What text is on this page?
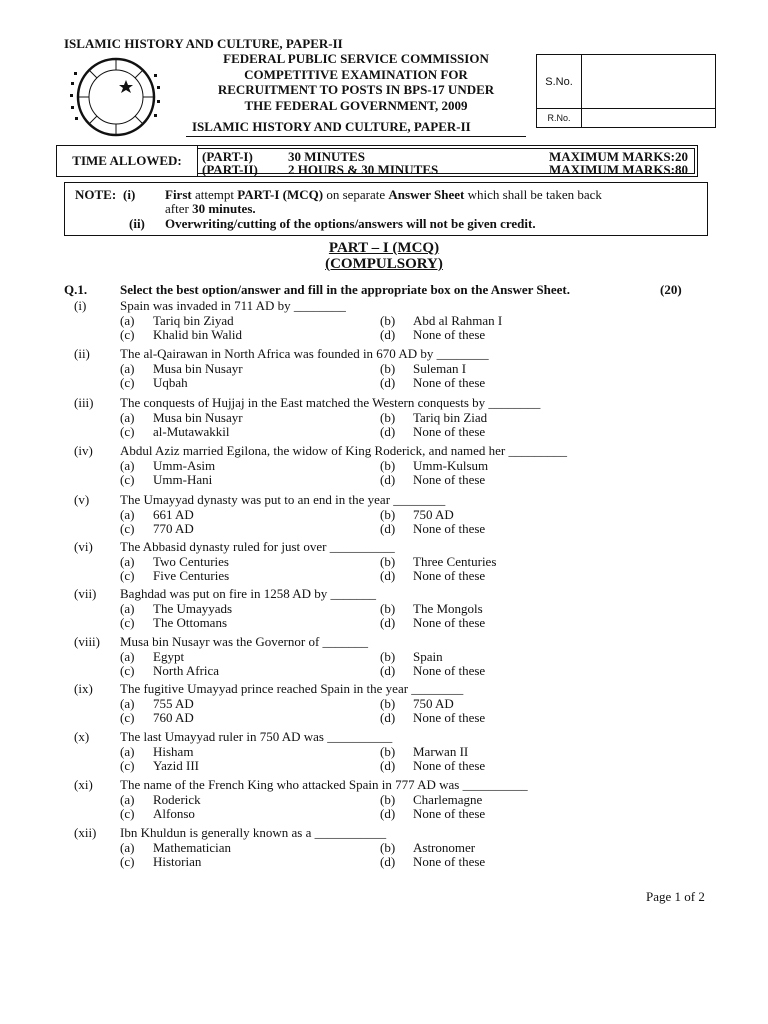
ISLAMIC HISTORY AND CULTURE, PAPER-II
FEDERAL PUBLIC SERVICE COMMISSION
COMPETITIVE EXAMINATION FOR
RECRUITMENT TO POSTS IN BPS-17 UNDER
THE FEDERAL GOVERNMENT, 2009
ISLAMIC HISTORY AND CULTURE, PAPER-II
S.No.
R.No.
TIME ALLOWED:	(PART-I)	30 MINUTES	MAXIMUM MARKS:20
(PART-II) 2 HOURS & 30 MINUTES	MAXIMUM MARKS:80
NOTE: (i) First attempt PART-I (MCQ) on separate Answer Sheet which shall be taken back
after 30 minutes.
(ii) Overwriting/cutting of the options/answers will not be given credit.
PART – I (MCQ)
(COMPULSORY)
Q.1.	Select the best option/answer and fill in the appropriate box on the Answer Sheet.	(20)
(i)	Spain was invaded in 711 AD by ________
(a) Tariq bin Ziyad	(b) Abd al Rahman I
(c) Khalid bin Walid	(d) None of these
(ii) The al-Qairawan in North Africa was founded in 670 AD by ________
(a) Musa bin Nusayr	(b) Suleman I
(c) Uqbah	(d) None of these
(iii) The conquests of Hujjaj in the East matched the Western conquests by ________
(a) Musa bin Nusayr	(b) Tariq bin Ziad
(c) al-Mutawakkil	(d) None of these
(iv) Abdul Aziz married Egilona, the widow of King Roderick, and named her _________
(a) Umm-Asim	(b) Umm-Kulsum
(c) Umm-Hani	(d) None of these
(v) The Umayyad dynasty was put to an end in the year ________
(a) 661 AD	(b) 750 AD
(c) 770 AD	(d) None of these
(vi) The Abbasid dynasty ruled for just over __________
(a) Two Centuries	(b) Three Centuries
(c) Five Centuries	(d) None of these
(vii) Baghdad was put on fire in 1258 AD by _______
(a) The Umayyads	(b) The Mongols
(c) The Ottomans	(d) None of these
(viii) Musa bin Nusayr was the Governor of _______
(a) Egypt	(b) Spain
(c) North Africa	(d) None of these
(ix) The fugitive Umayyad prince reached Spain in the year ________
(a) 755 AD	(b) 750 AD
(c) 760 AD	(d) None of these
(x) The last Umayyad ruler in 750 AD was __________
(a) Hisham	(b) Marwan II
(c) Yazid III	(d) None of these
(xi) The name of the French King who attacked Spain in 777 AD was __________
(a) Roderick	(b) Charlemagne
(c) Alfonso	(d) None of these
(xii) Ibn Khuldun is generally known as a ___________
(a) Mathematician	(b) Astronomer
(c) Historian	(d) None of these
Page 1 of 2
